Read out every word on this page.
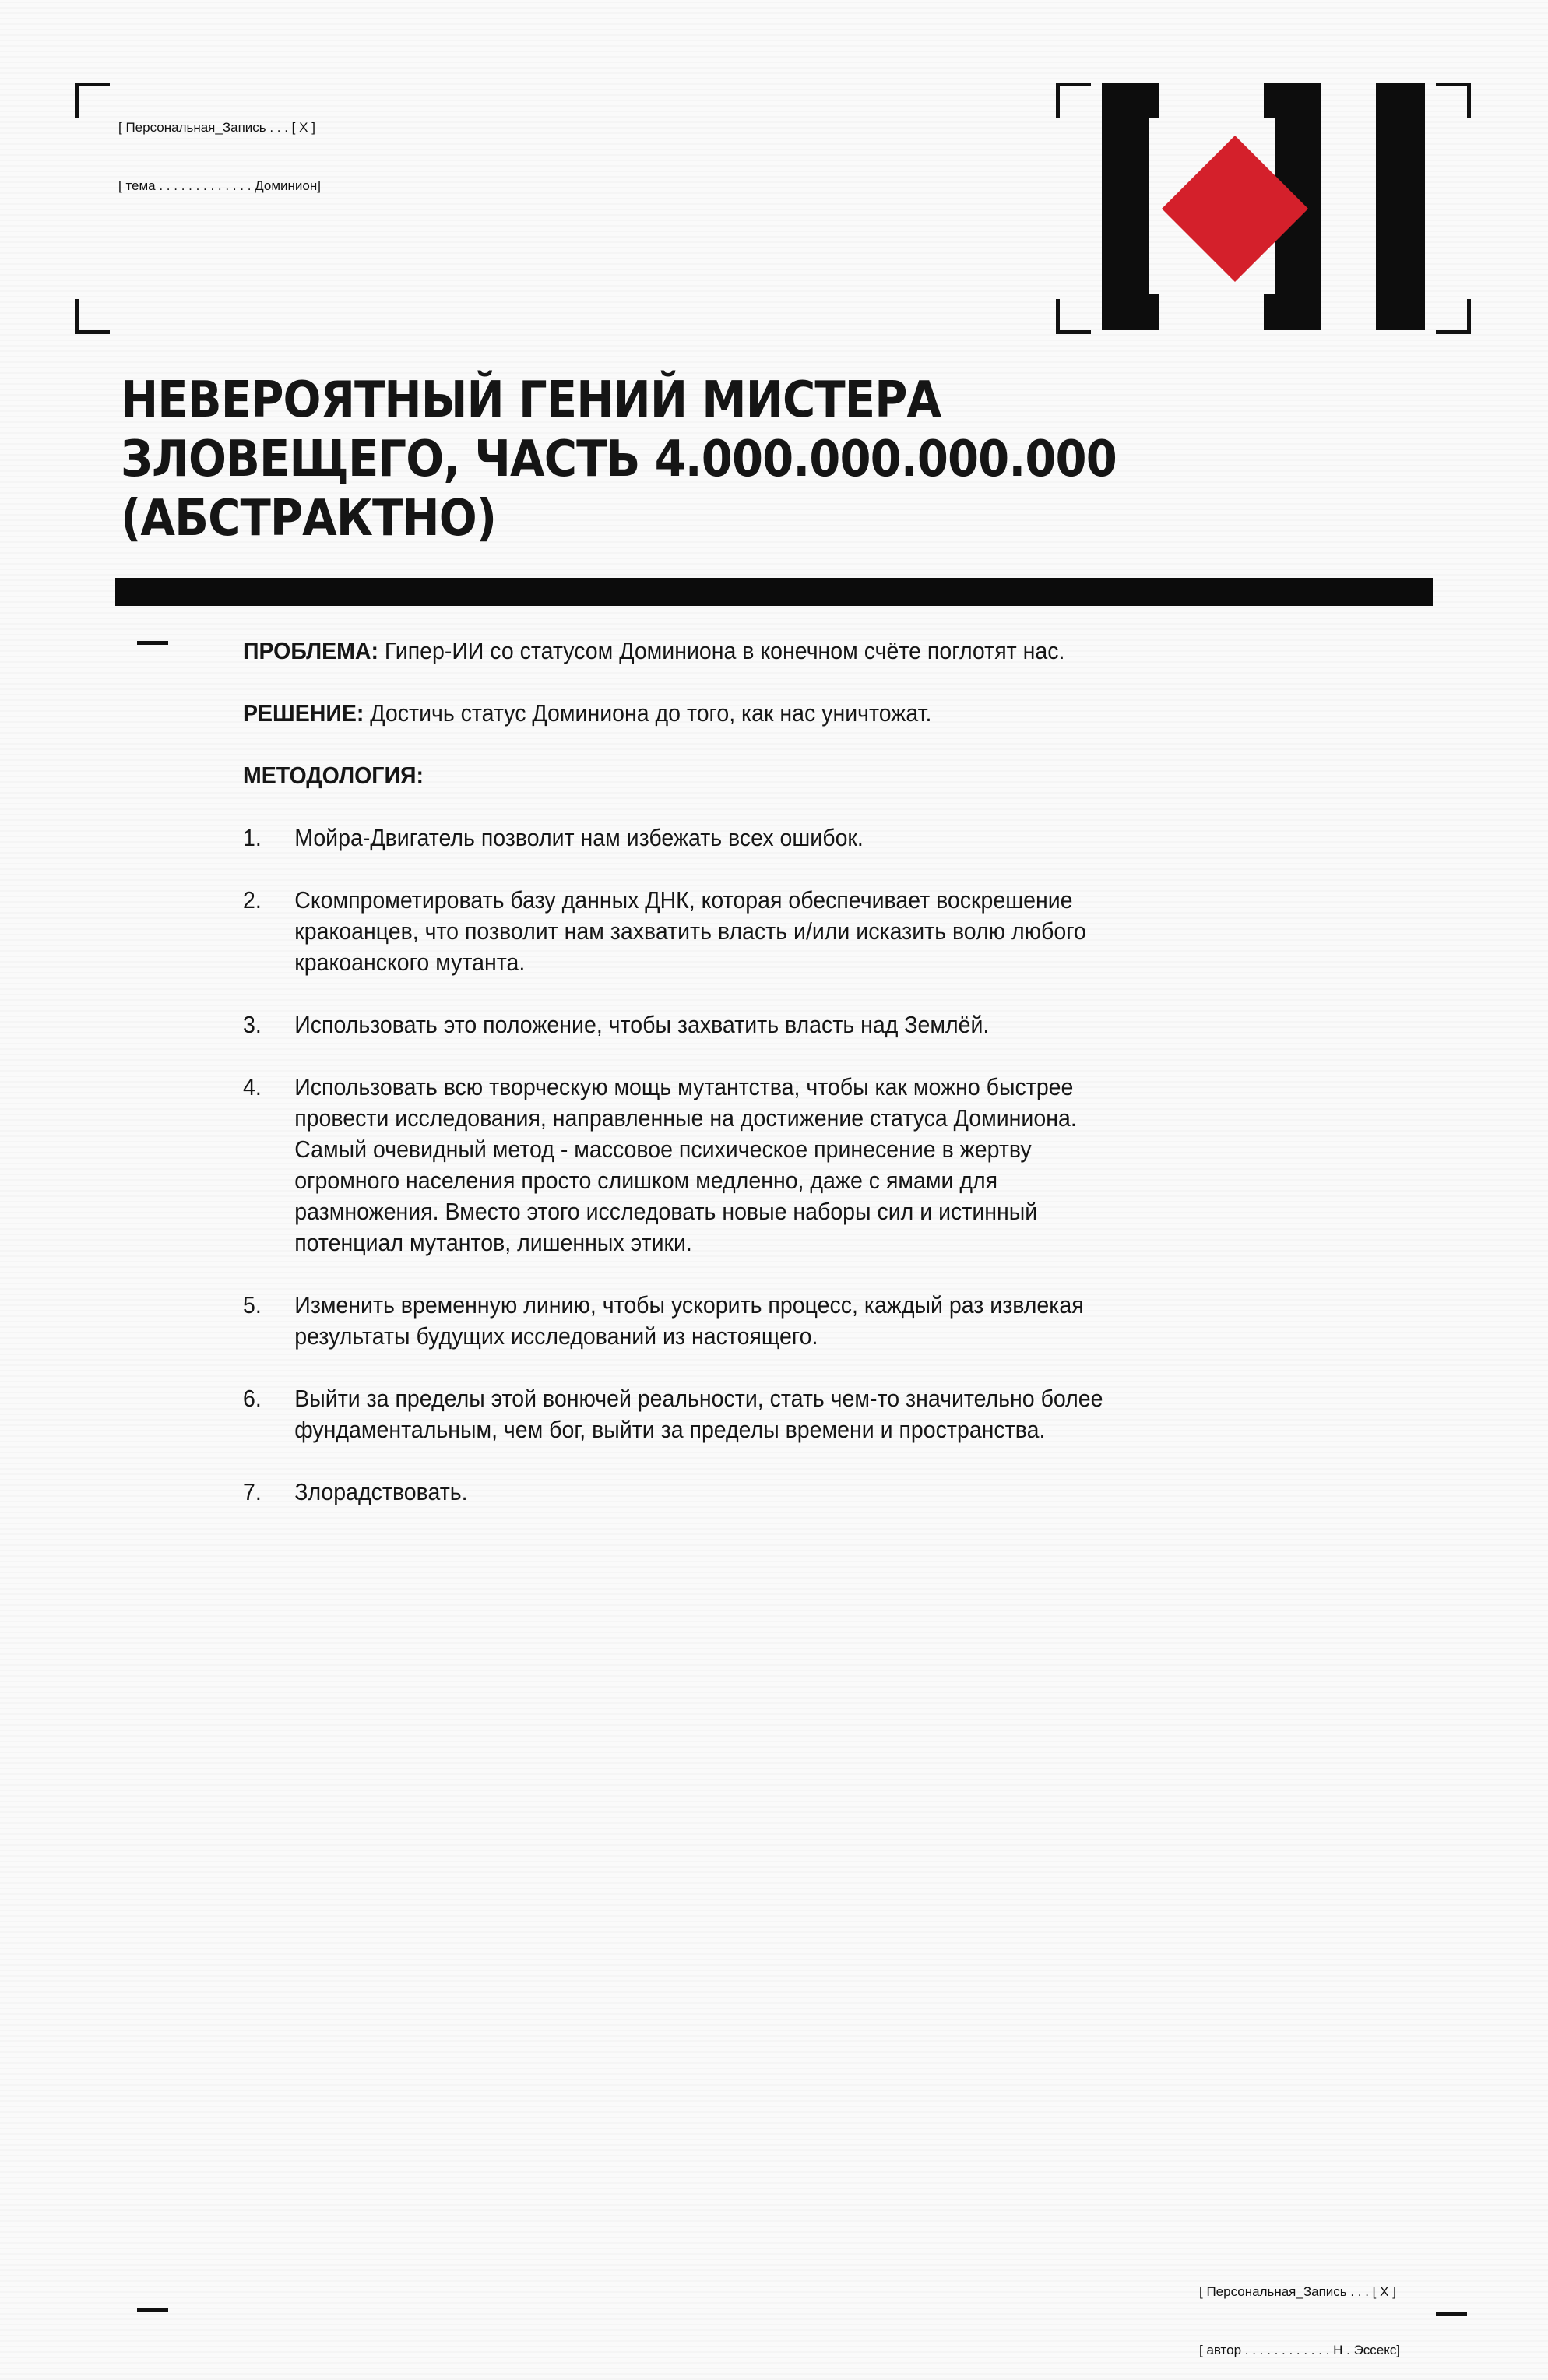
[ Персональная_Запись . . . [ X ]

[ тема . . . . . . . . . . . . . Доминион]

НЕВЕРОЯТНЫЙ ГЕНИЙ МИСТЕРА ЗЛОВЕЩЕГО, ЧАСТЬ 4.000.000.000.000 (АБСТРАКТНО)

ПРОБЛЕМА: Гипер-ИИ со статусом Доминиона в конечном счёте поглотят нас.

РЕШЕНИЕ: Достичь статус Доминиона до того, как нас уничтожат.

МЕТОДОЛОГИЯ:

1. Мойра-Двигатель позволит нам избежать всех ошибок.
2. Скомпрометировать базу данных ДНК, которая обеспечивает воскрешение
кракоанцев, что позволит нам захватить власть и/или исказить волю любого
кракоанского мутанта.
3. Использовать это положение, чтобы захватить власть над Землёй.
4. Использовать всю творческую мощь мутантства, чтобы как можно быстрее
провести исследования, направленные на достижение статуса Доминиона.
Самый очевидный метод - массовое психическое принесение в жертву
огромного населения просто слишком медленно, даже с ямами для
размножения. Вместо этого исследовать новые наборы сил и истинный
потенциал мутантов, лишенных этики.
5. Изменить временную линию, чтобы ускорить процесс, каждый раз извлекая
результаты будущих исследований из настоящего.
6. Выйти за пределы этой вонючей реальности, стать чем-то значительно более
фундаментальным, чем бог, выйти за пределы времени и пространства.
7. Злорадствовать.

[ Персональная_Запись . . . [ X ]

[ автор . . . . . . . . . . . . Н . Эссекс]
